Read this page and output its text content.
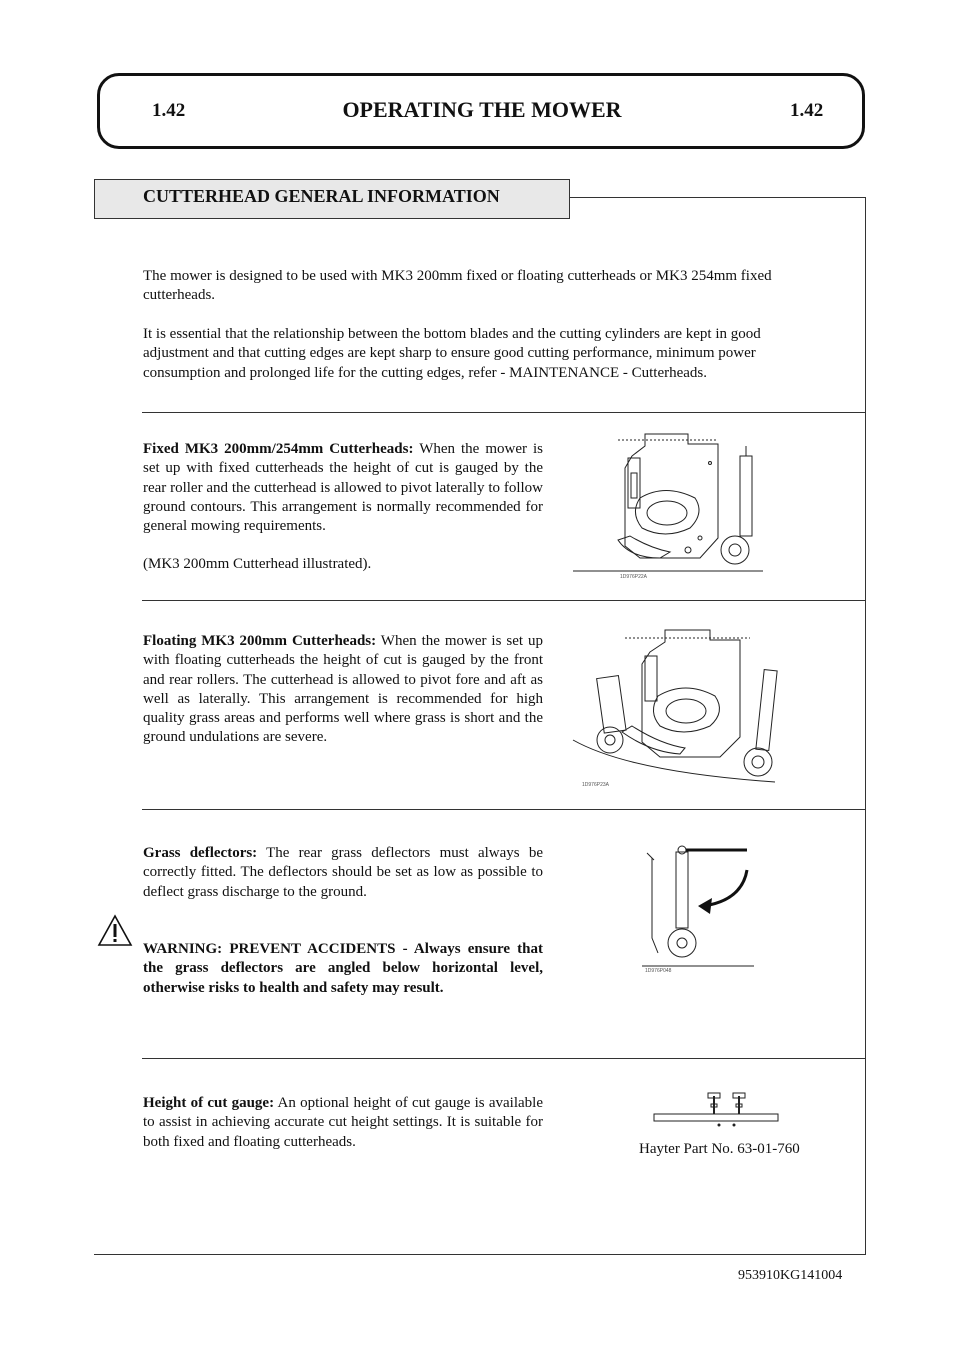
1.42	OPERATING THE MOWER	1.42
CUTTERHEAD GENERAL INFORMATION

The mower is designed to be used with MK3 200mm fixed or floating cutterheads or MK3 254mm fixed cutterheads.

It is essential that the relationship between the bottom blades and the cutting cylinders are kept in good adjustment and that cutting edges are kept sharp to ensure good cutting performance, minimum power consumption and prolonged life for the cutting edges, refer - MAINTENANCE - Cutterheads.

Fixed MK3 200mm/254mm Cutterheads: When the mower is set up with fixed cutterheads the height of cut is gauged by the rear roller and the cutterhead is allowed to pivot laterally to follow ground contours. This arrangement is normally recommended for general mowing requirements.

(MK3 200mm Cutterhead illustrated).

1D976P22A

Floating MK3 200mm Cutterheads: When the mower is set up with floating cutterheads the height of cut is gauged by the front and rear rollers. The cutterhead is allowed to pivot fore and aft as well as laterally. This arrangement is recommended for high quality grass areas and performs well where grass is short and the ground undulations are severe.

1D976P23A

Grass deflectors: The rear grass deflectors must always be correctly fitted. The deflectors should be set as low as possible to deflect grass discharge to the ground.

WARNING: PREVENT ACCIDENTS - Always ensure that the grass deflectors are angled below horizontal level, otherwise risks to health and safety may result.

1D976P048

Height of cut gauge: An optional height of cut gauge is available to assist in achieving accurate cut height settings. It is suitable for both fixed and floating cutterheads.	Hayter Part No. 63-01-760
953910KG141004
